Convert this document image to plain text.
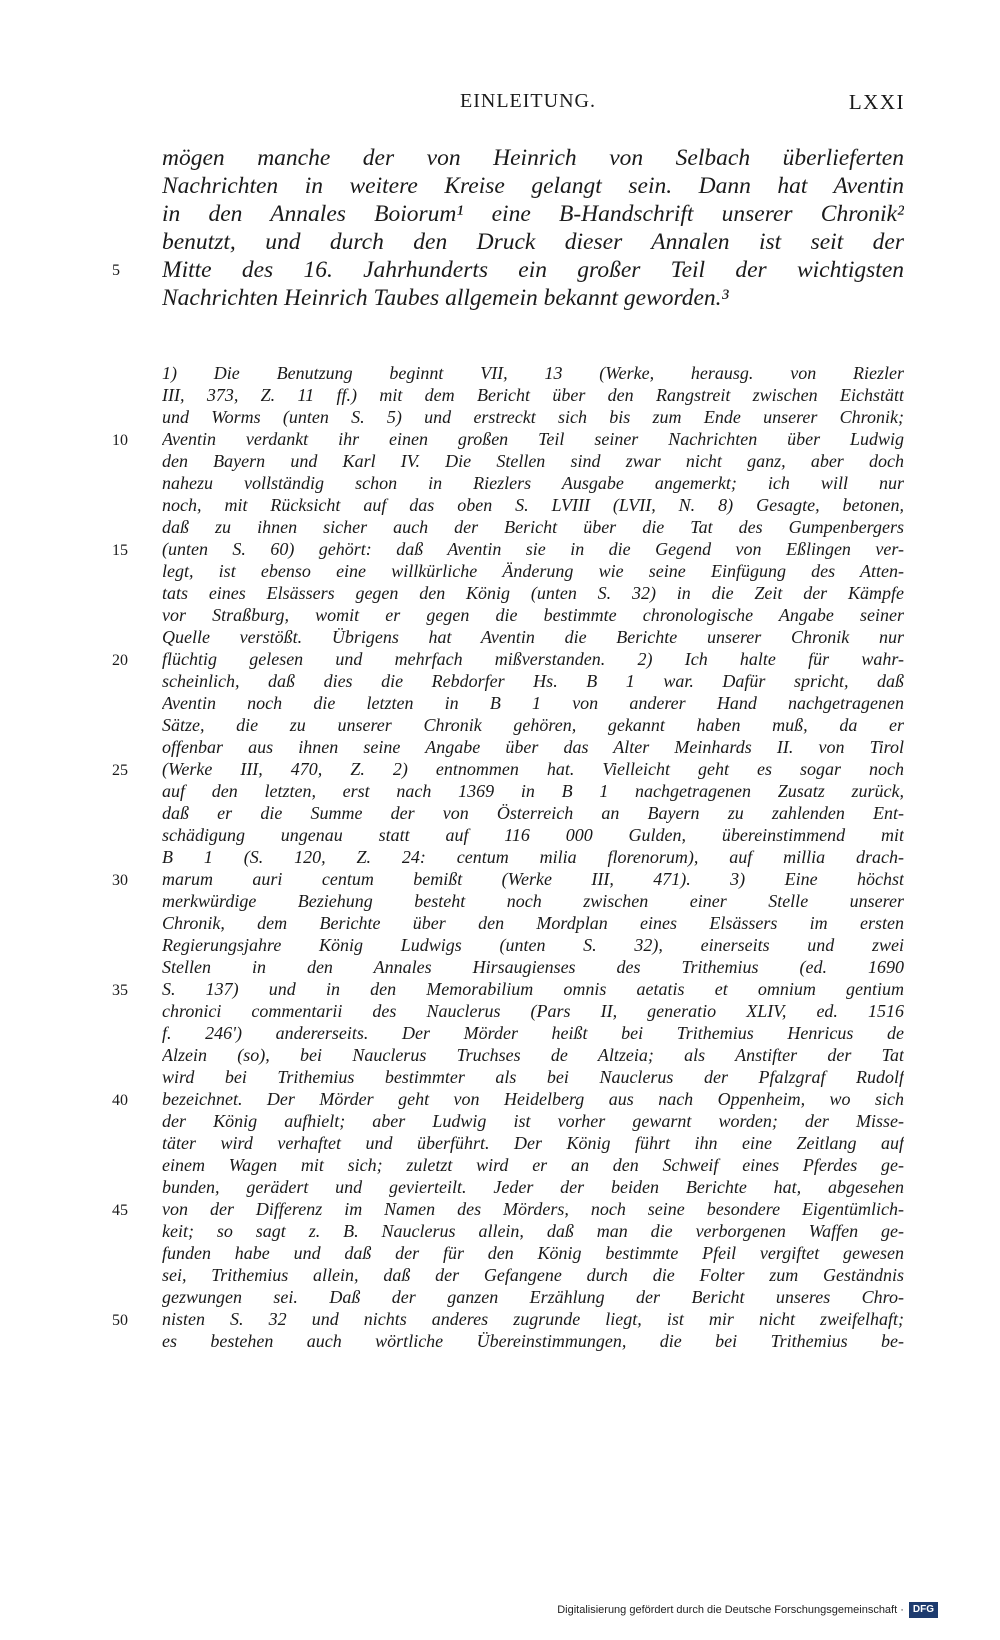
EINLEITUNG.	LXXI
mögen manche der von Heinrich von Selbach überlieferten
Nachrichten in weitere Kreise gelangt sein. Dann hat Aventin
in den Annales Boiorum¹ eine B-Handschrift unserer Chronik²
benutzt, und durch den Druck dieser Annalen ist seit der
Mitte des 16. Jahrhunderts ein großer Teil der wichtigsten
Nachrichten Heinrich Taubes allgemein bekannt geworden.³
5
1) Die Benutzung beginnt VII, 13 (Werke, herausg. von Riezler
III, 373, Z. 11 ff.) mit dem Bericht über den Rangstreit zwischen Eichstätt
und Worms (unten S. 5) und erstreckt sich bis zum Ende unserer Chronik;
Aventin verdankt ihr einen großen Teil seiner Nachrichten über Ludwig
den Bayern und Karl IV. Die Stellen sind zwar nicht ganz, aber doch
nahezu vollständig schon in Riezlers Ausgabe angemerkt; ich will nur
noch, mit Rücksicht auf das oben S. LVIII (LVII, N. 8) Gesagte, betonen,
daß zu ihnen sicher auch der Bericht über die Tat des Gumpenbergers
(unten S. 60) gehört: daß Aventin sie in die Gegend von Eßlingen ver-
legt, ist ebenso eine willkürliche Änderung wie seine Einfügung des Atten-
tats eines Elsässers gegen den König (unten S. 32) in die Zeit der Kämpfe
vor Straßburg, womit er gegen die bestimmte chronologische Angabe seiner
Quelle verstößt. Übrigens hat Aventin die Berichte unserer Chronik nur
flüchtig gelesen und mehrfach mißverstanden. 2) Ich halte für wahr-
scheinlich, daß dies die Rebdorfer Hs. B 1 war. Dafür spricht, daß
Aventin noch die letzten in B 1 von anderer Hand nachgetragenen
Sätze, die zu unserer Chronik gehören, gekannt haben muß, da er
offenbar aus ihnen seine Angabe über das Alter Meinhards II. von Tirol
(Werke III, 470, Z. 2) entnommen hat. Vielleicht geht es sogar noch
auf den letzten, erst nach 1369 in B 1 nachgetragenen Zusatz zurück,
daß er die Summe der von Österreich an Bayern zu zahlenden Ent-
schädigung ungenau statt auf 116 000 Gulden, übereinstimmend mit
B 1 (S. 120, Z. 24: centum milia florenorum), auf millia drach-
marum auri centum bemißt (Werke III, 471). 3) Eine höchst
merkwürdige Beziehung besteht noch zwischen einer Stelle unserer
Chronik, dem Berichte über den Mordplan eines Elsässers im ersten
Regierungsjahre König Ludwigs (unten S. 32), einerseits und zwei
Stellen in den Annales Hirsaugienses des Trithemius (ed. 1690
S. 137) und in den Memorabilium omnis aetatis et omnium gentium
chronici commentarii des Nauclerus (Pars II, generatio XLIV, ed. 1516
f. 246') andererseits. Der Mörder heißt bei Trithemius Henricus de
Alzein (so), bei Nauclerus Truchses de Altzeia; als Anstifter der Tat
wird bei Trithemius bestimmter als bei Nauclerus der Pfalzgraf Rudolf
bezeichnet. Der Mörder geht von Heidelberg aus nach Oppenheim, wo sich
der König aufhielt; aber Ludwig ist vorher gewarnt worden; der Misse-
täter wird verhaftet und überführt. Der König führt ihn eine Zeitlang auf
einem Wagen mit sich; zuletzt wird er an den Schweif eines Pferdes ge-
bunden, gerädert und gevierteilt. Jeder der beiden Berichte hat, abgesehen
von der Differenz im Namen des Mörders, noch seine besondere Eigentümlich-
keit; so sagt z. B. Nauclerus allein, daß man die verborgenen Waffen ge-
funden habe und daß der für den König bestimmte Pfeil vergiftet gewesen
sei, Trithemius allein, daß der Gefangene durch die Folter zum Geständnis
gezwungen sei. Daß der ganzen Erzählung der Bericht unseres Chro-
nisten S. 32 und nichts anderes zugrunde liegt, ist mir nicht zweifelhaft;
es bestehen auch wörtliche Übereinstimmungen, die bei Trithemius be-
10
15
20
25
30
35
40
45
50
Digitalisierung gefördert durch die Deutsche Forschungsgemeinschaft · DFG
